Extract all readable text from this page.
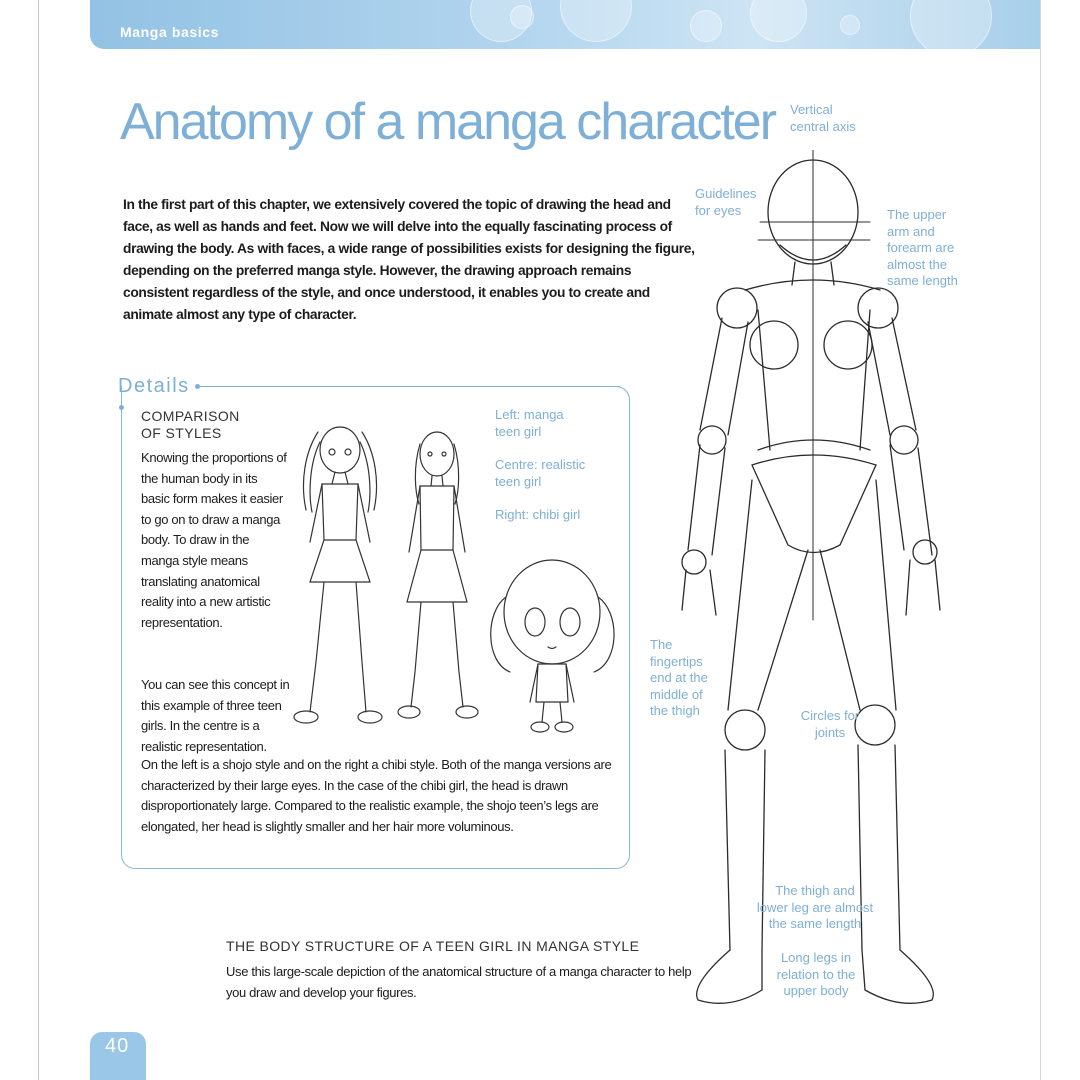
Manga basics
Anatomy of a manga character
In the first part of this chapter, we extensively covered the topic of drawing the head and face, as well as hands and feet. Now we will delve into the equally fascinating process of drawing the body. As with faces, a wide range of possibilities exists for designing the figure, depending on the preferred manga style. However, the drawing approach remains consistent regardless of the style, and once understood, it enables you to create and animate almost any type of character.
Details
COMPARISON
OF STYLES
Knowing the proportions of the human body in its basic form makes it easier to go on to draw a manga body. To draw in the manga style means translating anatomical reality into a new artistic representation.
You can see this concept in this example of three teen girls. In the centre is a realistic representation.
On the left is a shojo style and on the right a chibi style. Both of the manga versions are characterized by their large eyes. In the case of the chibi girl, the head is drawn disproportionately large. Compared to the realistic example, the shojo teen’s legs are elongated, her head is slightly smaller and her hair more voluminous.
Left: manga
teen girl
Centre: realistic
teen girl
Right: chibi girl
Vertical
central axis
Guidelines
for eyes	The upper
arm and
forearm are
almost the
same length
The
fingertips
end at the
middle of
the thigh	Circles for
joints
The thigh and
lower leg are almost
the same length
Long legs in
relation to the
upper body
THE BODY STRUCTURE OF A TEEN GIRL IN MANGA STYLE
Use this large-scale depiction of the anatomical structure of a manga character to help you draw and develop your figures.
40
